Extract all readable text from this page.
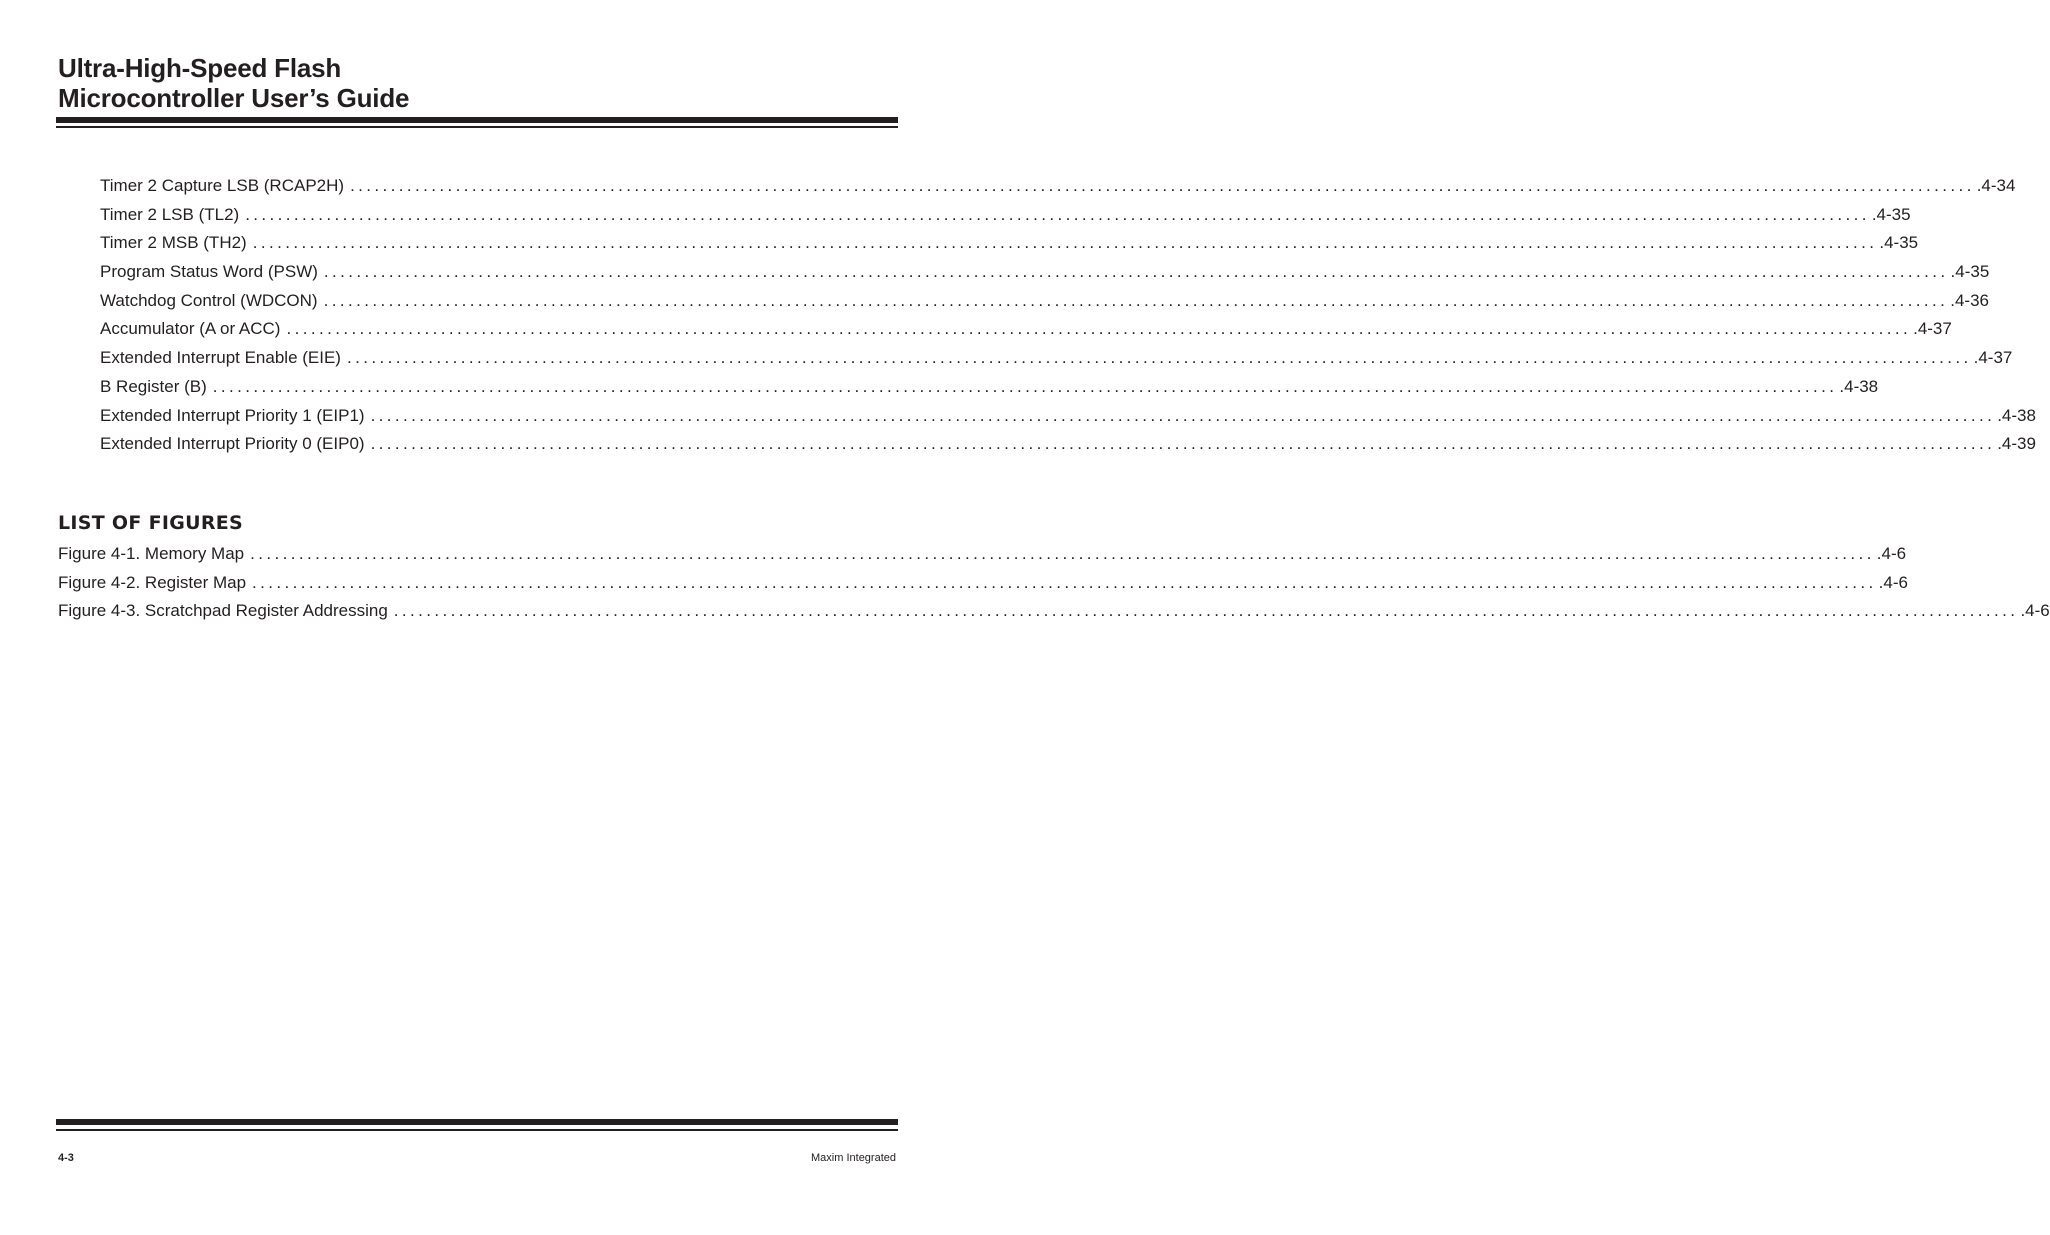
Ultra-High-Speed Flash
Microcontroller User’s Guide
Timer 2 Capture LSB (RCAP2H) ........................................................................................................................................................................................................ .4-34
Timer 2 LSB (TL2) ........................................................................................................................................................................................................ .4-35
Timer 2 MSB (TH2) ........................................................................................................................................................................................................ .4-35
Program Status Word (PSW) ........................................................................................................................................................................................................ .4-35
Watchdog Control (WDCON) ........................................................................................................................................................................................................ .4-36
Accumulator (A or ACC) ........................................................................................................................................................................................................ .4-37
Extended Interrupt Enable (EIE) ........................................................................................................................................................................................................ .4-37
B Register (B) ........................................................................................................................................................................................................ .4-38
Extended Interrupt Priority 1 (EIP1) ........................................................................................................................................................................................................ .4-38
Extended Interrupt Priority 0 (EIP0) ........................................................................................................................................................................................................ .4-39
LIST OF FIGURES
Figure 4-1. Memory Map ........................................................................................................................................................................................................ .4-6
Figure 4-2. Register Map ........................................................................................................................................................................................................ .4-6
Figure 4-3. Scratchpad Register Addressing ........................................................................................................................................................................................................ .4-6
4-3	Maxim Integrated
